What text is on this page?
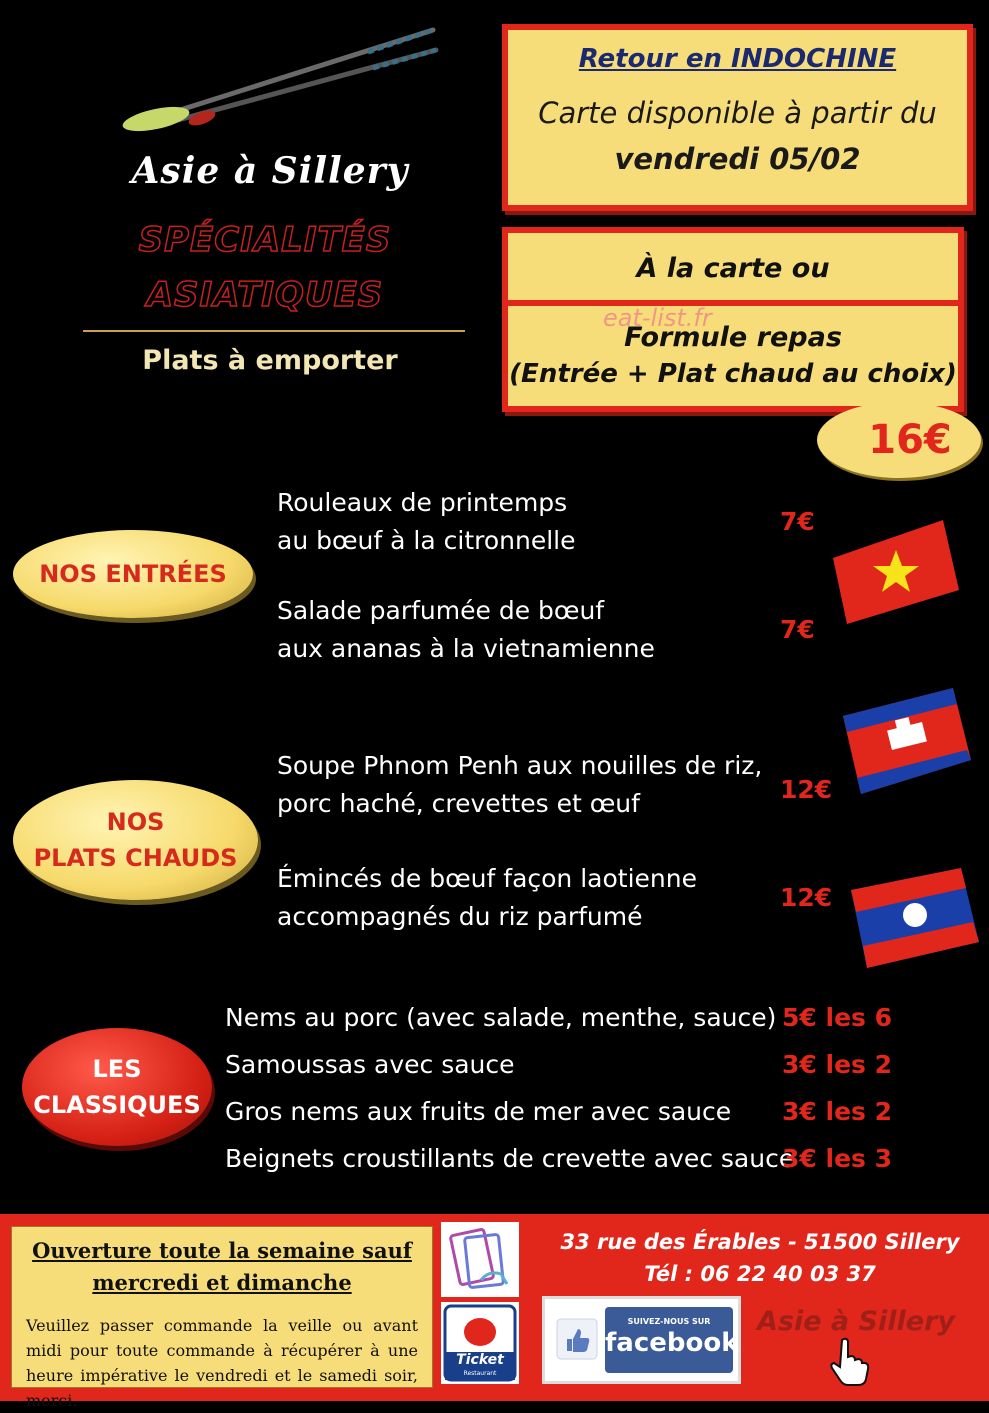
Asie à Sillery
SPÉCIALITÉS
ASIATIQUES
Plats à emporter
Retour en INDOCHINE
Carte disponible à partir du
vendredi 05/02
À la carte ou
Formule repas
(Entrée + Plat chaud au choix)
eat-list.fr
16€
NOS ENTRÉES
Rouleaux de printemps
au bœuf à la citronnelle
7€
Salade parfumée de bœuf
aux ananas à la vietnamienne
7€
NOS
PLATS CHAUDS
Soupe Phnom Penh aux nouilles de riz,
porc haché, crevettes et œuf	12€
Émincés de bœuf façon laotienne
accompagnés du riz parfumé
12€
LES
CLASSIQUES
Nems au porc (avec salade, menthe, sauce) 5€ les 6
Samoussas avec sauce	3€ les 2
Gros nems aux fruits de mer avec sauce 3€ les 2
Beignets croustillants de crevette avec sauce
3€ les 3
Ouverture toute la semaine sauf
mercredi et dimanche
Veuillez passer commande la veille ou avant midi pour toute commande à récupérer à une heure impérative le vendredi et le samedi soir, merci.
Ticket
Restaurant
33 rue des Érables - 51500 Sillery
Tél : 06 22 40 03 37
SUIVEZ-NOUS SUR
facebook
Asie à Sillery
